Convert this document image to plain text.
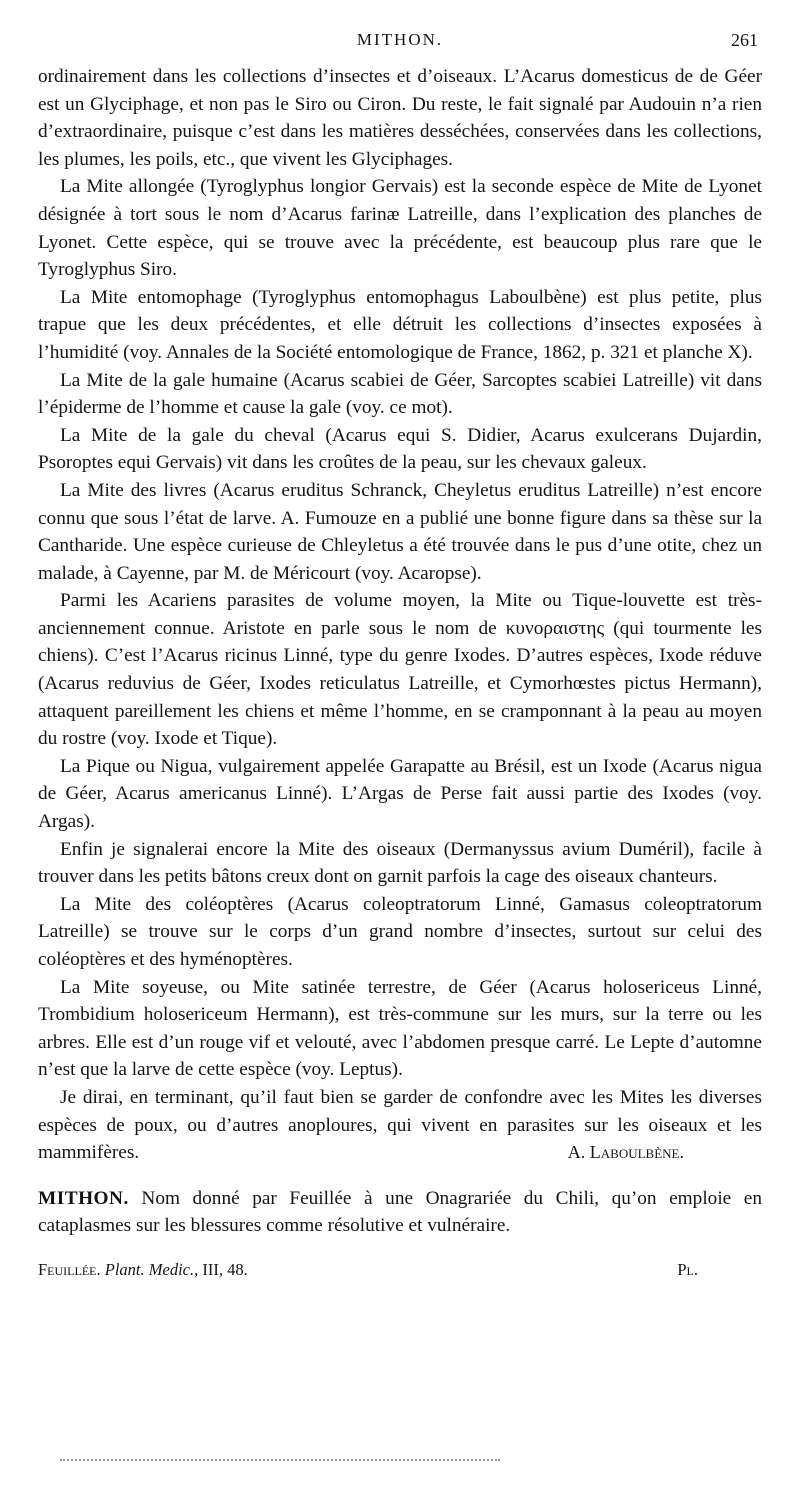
MITHON.	261

ordinairement dans les collections d’insectes et d’oiseaux. L’Acarus domesticus de de Géer est un Glyciphage, et non pas le Siro ou Ciron. Du reste, le fait signalé par Audouin n’a rien d’extraordinaire, puisque c’est dans les matières desséchées, conservées dans les collections, les plumes, les poils, etc., que vivent les Glyciphages.

La Mite allongée (Tyroglyphus longior Gervais) est la seconde espèce de Mite de Lyonet désignée à tort sous le nom d’Acarus farinæ Latreille, dans l’explication des planches de Lyonet. Cette espèce, qui se trouve avec la précédente, est beaucoup plus rare que le Tyroglyphus Siro.

La Mite entomophage (Tyroglyphus entomophagus Laboulbène) est plus petite, plus trapue que les deux précédentes, et elle détruit les collections d’insectes exposées à l’humidité (voy. Annales de la Société entomologique de France, 1862, p. 321 et planche X).

La Mite de la gale humaine (Acarus scabiei de Géer, Sarcoptes scabiei Latreille) vit dans l’épiderme de l’homme et cause la gale (voy. ce mot).

La Mite de la gale du cheval (Acarus equi S. Didier, Acarus exulcerans Dujardin, Psoroptes equi Gervais) vit dans les croûtes de la peau, sur les chevaux galeux.

La Mite des livres (Acarus eruditus Schranck, Cheyletus eruditus Latreille) n’est encore connu que sous l’état de larve. A. Fumouze en a publié une bonne figure dans sa thèse sur la Cantharide. Une espèce curieuse de Chleyletus a été trouvée dans le pus d’une otite, chez un malade, à Cayenne, par M. de Méricourt (voy. Acaropse).

Parmi les Acariens parasites de volume moyen, la Mite ou Tique-louvette est très-anciennement connue. Aristote en parle sous le nom de κυνοραιστης (qui tourmente les chiens). C’est l’Acarus ricinus Linné, type du genre Ixodes. D’autres espèces, Ixode réduve (Acarus reduvius de Géer, Ixodes reticulatus Latreille, et Cymorhœstes pictus Hermann), attaquent pareillement les chiens et même l’homme, en se cramponnant à la peau au moyen du rostre (voy. Ixode et Tique).

La Pique ou Nigua, vulgairement appelée Garapatte au Brésil, est un Ixode (Acarus nigua de Géer, Acarus americanus Linné). L’Argas de Perse fait aussi partie des Ixodes (voy. Argas).

Enfin je signalerai encore la Mite des oiseaux (Dermanyssus avium Duméril), facile à trouver dans les petits bâtons creux dont on garnit parfois la cage des oiseaux chanteurs.

La Mite des coléoptères (Acarus coleoptratorum Linné, Gamasus coleoptratorum Latreille) se trouve sur le corps d’un grand nombre d’insectes, surtout sur celui des coléoptères et des hyménoptères.

La Mite soyeuse, ou Mite satinée terrestre, de Géer (Acarus holosericeus Linné, Trombidium holosericeum Hermann), est très-commune sur les murs, sur la terre ou les arbres. Elle est d’un rouge vif et velouté, avec l’abdomen presque carré. Le Lepte d’automne n’est que la larve de cette espèce (voy. Leptus).

Je dirai, en terminant, qu’il faut bien se garder de confondre avec les Mites les diverses espèces de poux, ou d’autres anoploures, qui vivent en parasites sur les oiseaux et les mammifères.	A. Laboulbène.

MITHON. Nom donné par Feuillée à une Onagrariée du Chili, qu’on emploie en cataplasmes sur les blessures comme résolutive et vulnéraire.

Feuillée. Plant. Medic., III, 48.	Pl.
